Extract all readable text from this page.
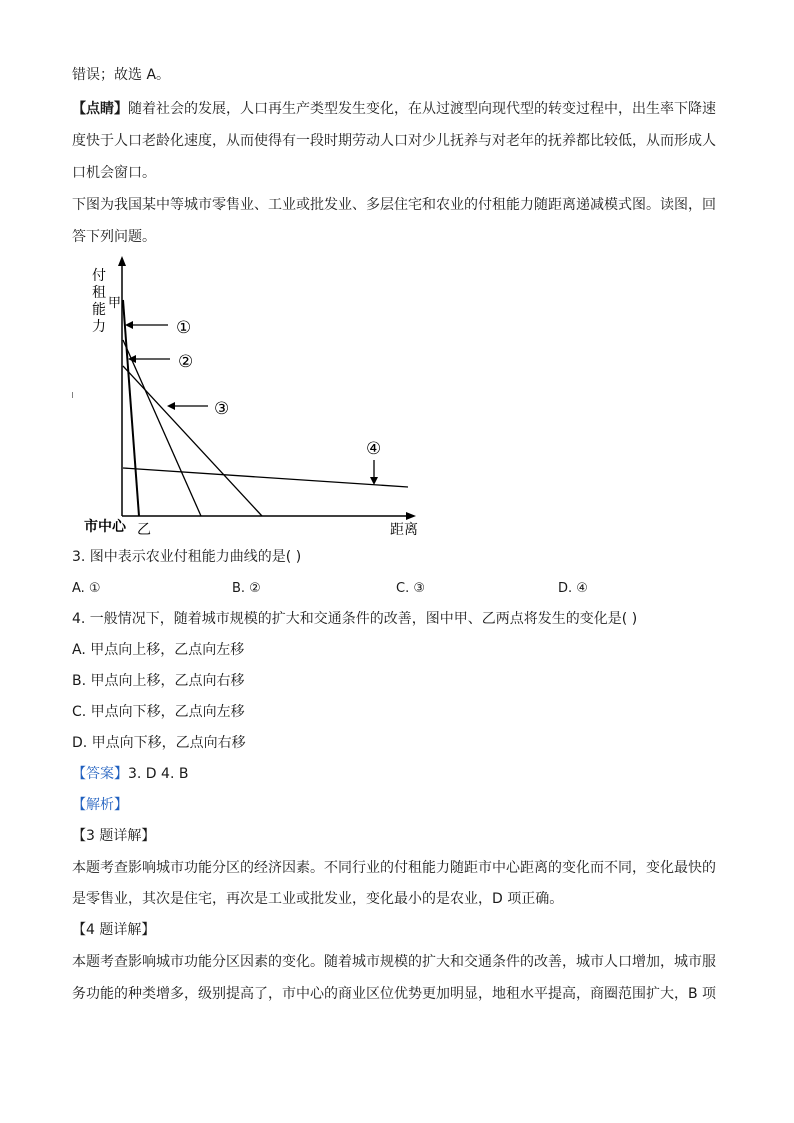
错误；故选 A。
【点睛】随着社会的发展，人口再生产类型发生变化，在从过渡型向现代型的转变过程中，出生率下降速
度快于人口老龄化速度，从而使得有一段时期劳动人口对少儿抚养与对老年的抚养都比较低，从而形成人
口机会窗口。
下图为我国某中等城市零售业、工业或批发业、多层住宅和农业的付租能力随距离递减模式图。读图，回
答下列问题。
付
租
能
力
甲
①
②
③
④
市中心 乙	距离
3. 图中表示农业付租能力曲线的是( )
A. ①	B. ②	C. ③	D. ④
4. 一般情况下，随着城市规模的扩大和交通条件的改善，图中甲、乙两点将发生的变化是( )
A. 甲点向上移，乙点向左移
B. 甲点向上移，乙点向右移
C. 甲点向下移，乙点向左移
D. 甲点向下移，乙点向右移
【答案】3. D 4. B
【解析】
【3 题详解】
本题考查影响城市功能分区的经济因素。不同行业的付租能力随距市中心距离的变化而不同，变化最快的
是零售业，其次是住宅，再次是工业或批发业，变化最小的是农业，D 项正确。
【4 题详解】
本题考查影响城市功能分区因素的变化。随着城市规模的扩大和交通条件的改善，城市人口增加，城市服
务功能的种类增多，级别提高了，市中心的商业区位优势更加明显，地租水平提高，商圈范围扩大，B 项
